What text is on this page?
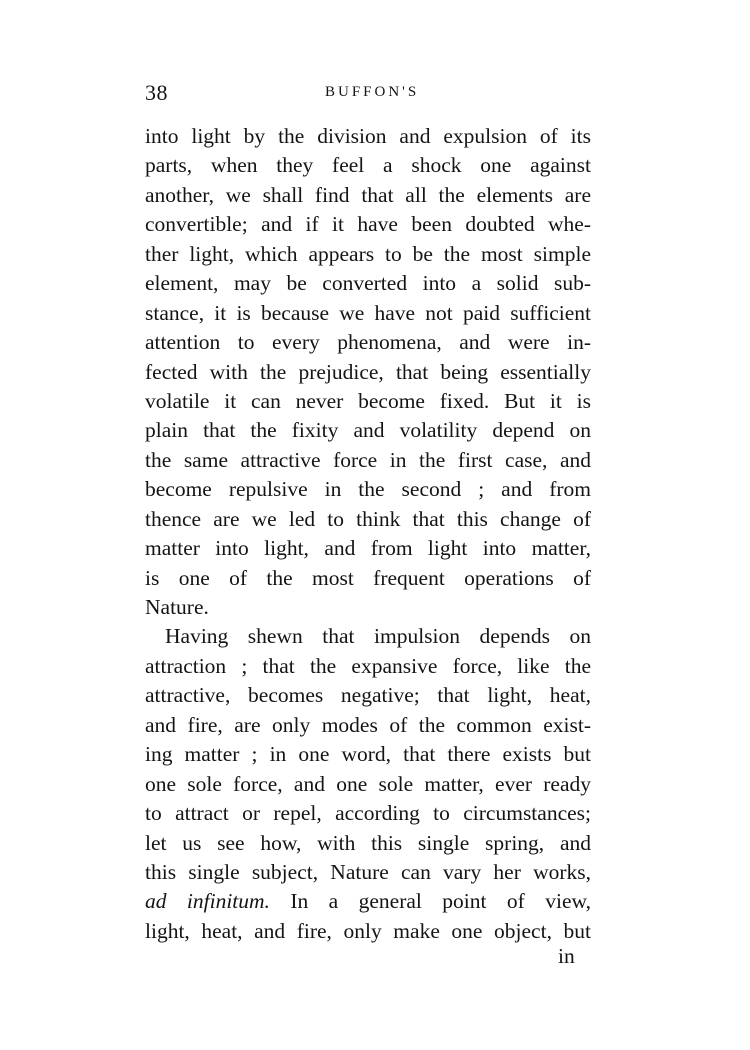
38	BUFFON'S
into light by the division and expulsion of its
parts, when they feel a shock one against
another, we shall find that all the elements are
convertible; and if it have been doubted whe-
ther light, which appears to be the most simple
element, may be converted into a solid sub-
stance, it is because we have not paid sufficient
attention to every phenomena, and were in-
fected with the prejudice, that being essentially
volatile it can never become fixed. But it is
plain that the fixity and volatility depend on
the same attractive force in the first case, and
become repulsive in the second ; and from
thence are we led to think that this change of
matter into light, and from light into matter,
is one of the most frequent operations of
Nature.
Having shewn that impulsion depends on
attraction ; that the expansive force, like the
attractive, becomes negative; that light, heat,
and fire, are only modes of the common exist-
ing matter ; in one word, that there exists but
one sole force, and one sole matter, ever ready
to attract or repel, according to circumstances;
let us see how, with this single spring, and
this single subject, Nature can vary her works,
ad infinitum. In a general point of view,
light, heat, and fire, only make one object, but
in
